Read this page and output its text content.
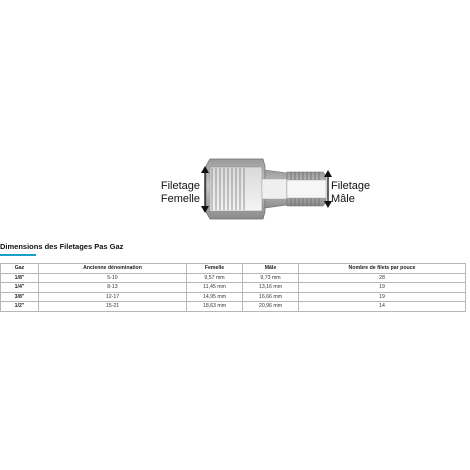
Filetage
Femelle
Filetage
Mâle
Dimensions des Filetages Pas Gaz
Gaz	Ancienne dénomination	Femelle	Mâle	Nombre de filets par pouce
1/8"	5-10	9,57 mm	9,73 mm	28
1/4"	8-13	11,45 mm	13,16 mm	19
3/8"	12-17	14,95 mm	16,66 mm	19
1/2"	15-21	18,63 mm	20,96 mm	14
